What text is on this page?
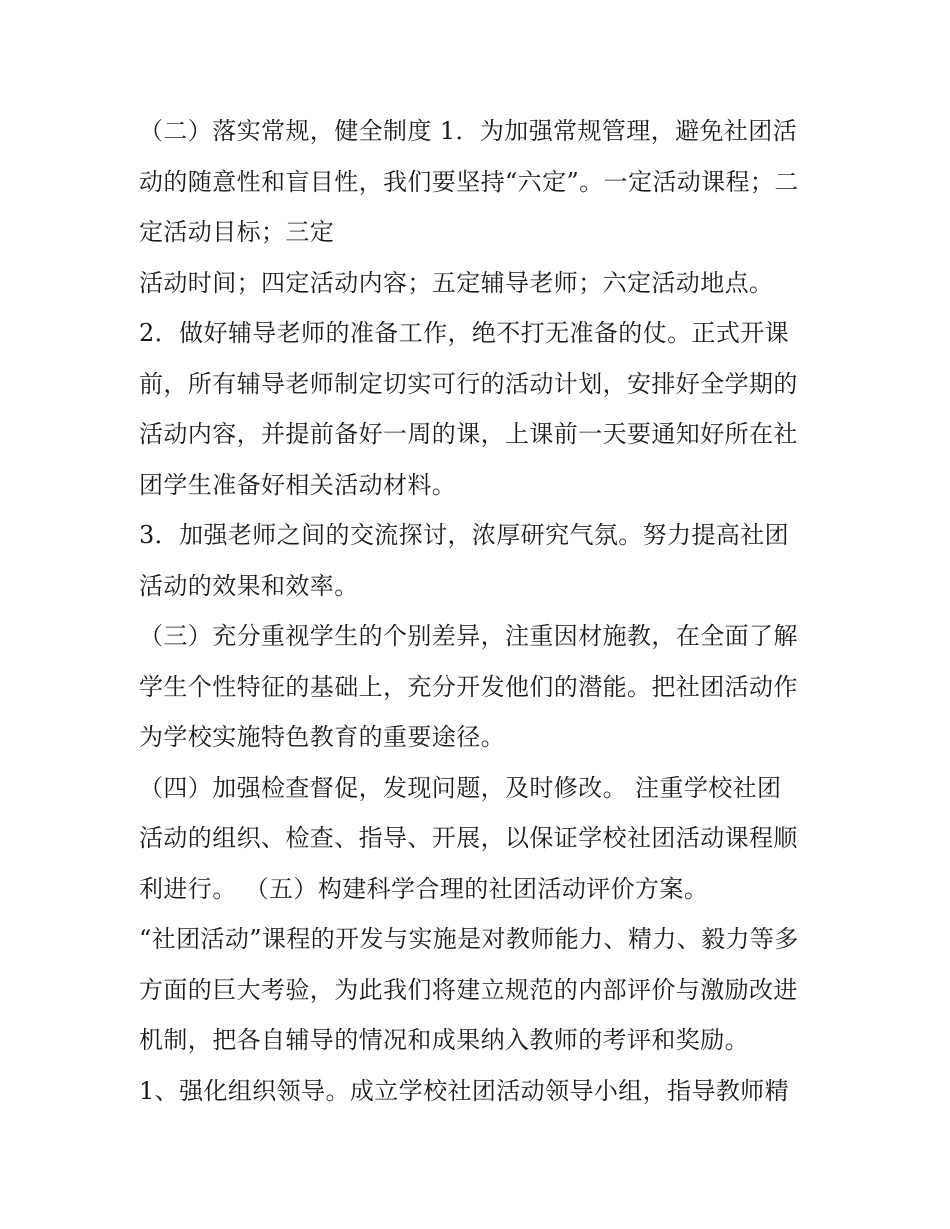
（二）落实常规，健全制度 1．为加强常规管理，避免社团活
动的随意性和盲目性，我们要坚持“六定”。一定活动课程；二
定活动目标；三定
活动时间；四定活动内容；五定辅导老师；六定活动地点。
2．做好辅导老师的准备工作，绝不打无准备的仗。正式开课
前，所有辅导老师制定切实可行的活动计划，安排好全学期的
活动内容，并提前备好一周的课，上课前一天要通知好所在社
团学生准备好相关活动材料。
3．加强老师之间的交流探讨，浓厚研究气氛。努力提高社团
活动的效果和效率。
（三）充分重视学生的个别差异，注重因材施教，在全面了解
学生个性特征的基础上，充分开发他们的潜能。把社团活动作
为学校实施特色教育的重要途径。
（四）加强检查督促，发现问题，及时修改。 注重学校社团
活动的组织、检查、指导、开展，以保证学校社团活动课程顺
利进行。 （五）构建科学合理的社团活动评价方案。
“社团活动”课程的开发与实施是对教师能力、精力、毅力等多
方面的巨大考验，为此我们将建立规范的内部评价与激励改进
机制，把各自辅导的情况和成果纳入教师的考评和奖励。
1、强化组织领导。成立学校社团活动领导小组，指导教师精
